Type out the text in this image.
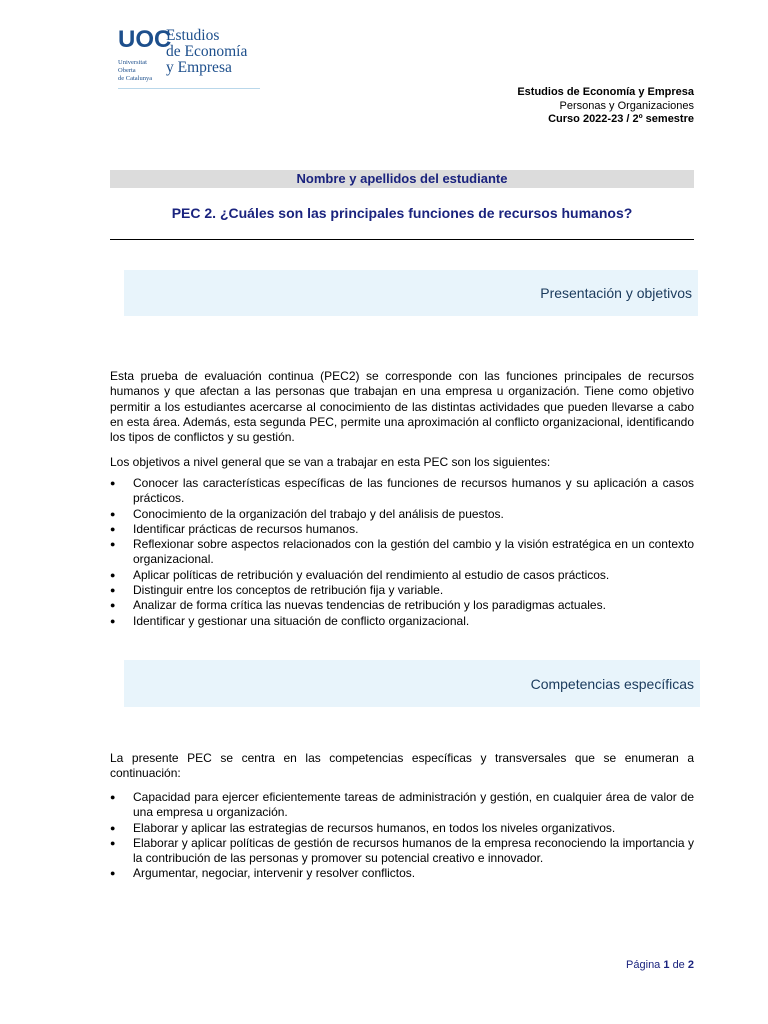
UOC
Universitat
Oberta
de Catalunya
Estudios
de Economía
y Empresa
Estudios de Economía y Empresa
Personas y Organizaciones
Curso 2022-23 / 2º semestre
Nombre y apellidos del estudiante
PEC 2. ¿Cuáles son las principales funciones de recursos humanos?
Presentación y objetivos

Esta prueba de evaluación continua (PEC2) se corresponde con las funciones principales de recursos humanos y que afectan a las personas que trabajan en una empresa u organización. Tiene como objetivo permitir a los estudiantes acercarse al conocimiento de las distintas actividades que pueden llevarse a cabo en esta área. Además, esta segunda PEC, permite una aproximación al conflicto organizacional, identificando los tipos de conflictos y su gestión.

Los objetivos a nivel general que se van a trabajar en esta PEC son los siguientes:

● Conocer las características específicas de las funciones de recursos humanos y su aplicación a casos prácticos.
● Conocimiento de la organización del trabajo y del análisis de puestos.
● Identificar prácticas de recursos humanos.
● Reflexionar sobre aspectos relacionados con la gestión del cambio y la visión estratégica en un contexto organizacional.
● Aplicar políticas de retribución y evaluación del rendimiento al estudio de casos prácticos.
● Distinguir entre los conceptos de retribución fija y variable.
● Analizar de forma crítica las nuevas tendencias de retribución y los paradigmas actuales.
● Identificar y gestionar una situación de conflicto organizacional.
Competencias específicas

La presente PEC se centra en las competencias específicas y transversales que se enumeran a continuación:

● Capacidad para ejercer eficientemente tareas de administración y gestión, en cualquier área de valor de una empresa u organización.
● Elaborar y aplicar las estrategias de recursos humanos, en todos los niveles organizativos.
● Elaborar y aplicar políticas de gestión de recursos humanos de la empresa reconociendo la importancia y la contribución de las personas y promover su potencial creativo e innovador.
● Argumentar, negociar, intervenir y resolver conflictos.
Página 1 de 2
